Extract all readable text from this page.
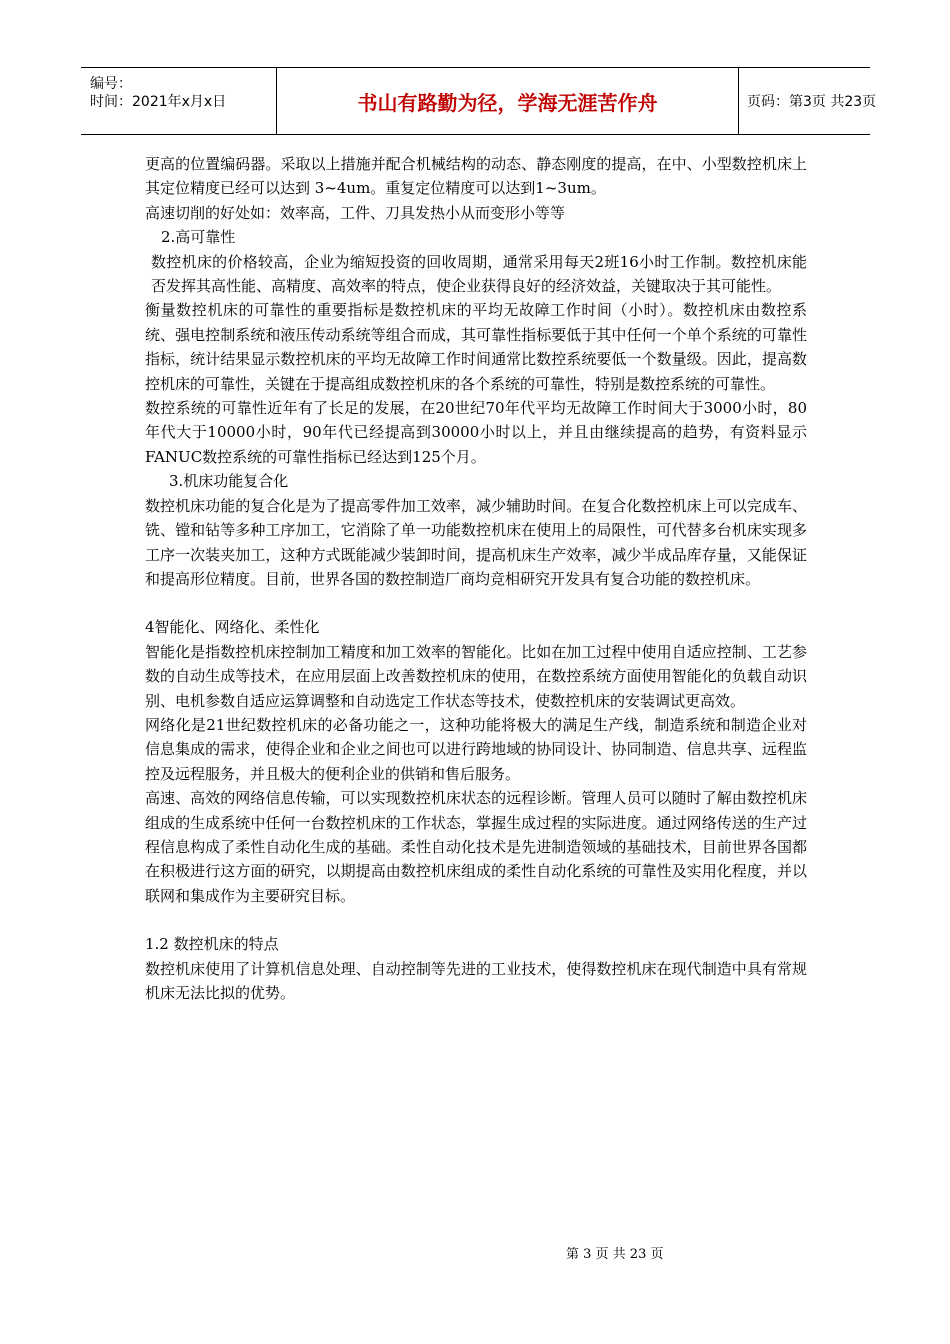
编号：
时间：2021年x月x日	书山有路勤为径，学海无涯苦作舟	页码：第3页 共23页

更高的位置编码器。采取以上措施并配合机械结构的动态、静态刚度的提高，在中、小型数控机床上其定位精度已经可以达到 3~4um。重复定位精度可以达到1~3um。

高速切削的好处如：效率高，工件、刀具发热小从而变形小等等

2.高可靠性

数控机床的价格较高，企业为缩短投资的回收周期，通常采用每天2班16小时工作制。数控机床能否发挥其高性能、高精度、高效率的特点，使企业获得良好的经济效益，关键取决于其可能性。

衡量数控机床的可靠性的重要指标是数控机床的平均无故障工作时间（小时）。数控机床由数控系统、强电控制系统和液压传动系统等组合而成，其可靠性指标要低于其中任何一个单个系统的可靠性指标，统计结果显示数控机床的平均无故障工作时间通常比数控系统要低一个数量级。因此，提高数控机床的可靠性，关键在于提高组成数控机床的各个系统的可靠性，特别是数控系统的可靠性。

数控系统的可靠性近年有了长足的发展，在20世纪70年代平均无故障工作时间大于3000小时，80年代大于10000小时，90年代已经提高到30000小时以上，并且由继续提高的趋势，有资料显示FANUC数控系统的可靠性指标已经达到125个月。

3.机床功能复合化

数控机床功能的复合化是为了提高零件加工效率，减少辅助时间。在复合化数控机床上可以完成车、铣、镗和钻等多种工序加工，它消除了单一功能数控机床在使用上的局限性，可代替多台机床实现多工序一次装夹加工，这种方式既能减少装卸时间，提高机床生产效率，减少半成品库存量，又能保证和提高形位精度。目前，世界各国的数控制造厂商均竞相研究开发具有复合功能的数控机床。

4智能化、网络化、柔性化

智能化是指数控机床控制加工精度和加工效率的智能化。比如在加工过程中使用自适应控制、工艺参数的自动生成等技术，在应用层面上改善数控机床的使用，在数控系统方面使用智能化的负载自动识别、电机参数自适应运算调整和自动选定工作状态等技术，使数控机床的安装调试更高效。

网络化是21世纪数控机床的必备功能之一，这种功能将极大的满足生产线，制造系统和制造企业对信息集成的需求，使得企业和企业之间也可以进行跨地域的协同设计、协同制造、信息共享、远程监控及远程服务，并且极大的便利企业的供销和售后服务。

高速、高效的网络信息传输，可以实现数控机床状态的远程诊断。管理人员可以随时了解由数控机床组成的生成系统中任何一台数控机床的工作状态，掌握生成过程的实际进度。通过网络传送的生产过程信息构成了柔性自动化生成的基础。柔性自动化技术是先进制造领域的基础技术，目前世界各国都在积极进行这方面的研究，以期提高由数控机床组成的柔性自动化系统的可靠性及实用化程度，并以联网和集成作为主要研究目标。

1.2 数控机床的特点

数控机床使用了计算机信息处理、自动控制等先进的工业技术，使得数控机床在现代制造中具有常规机床无法比拟的优势。

第 3 页 共 23 页
